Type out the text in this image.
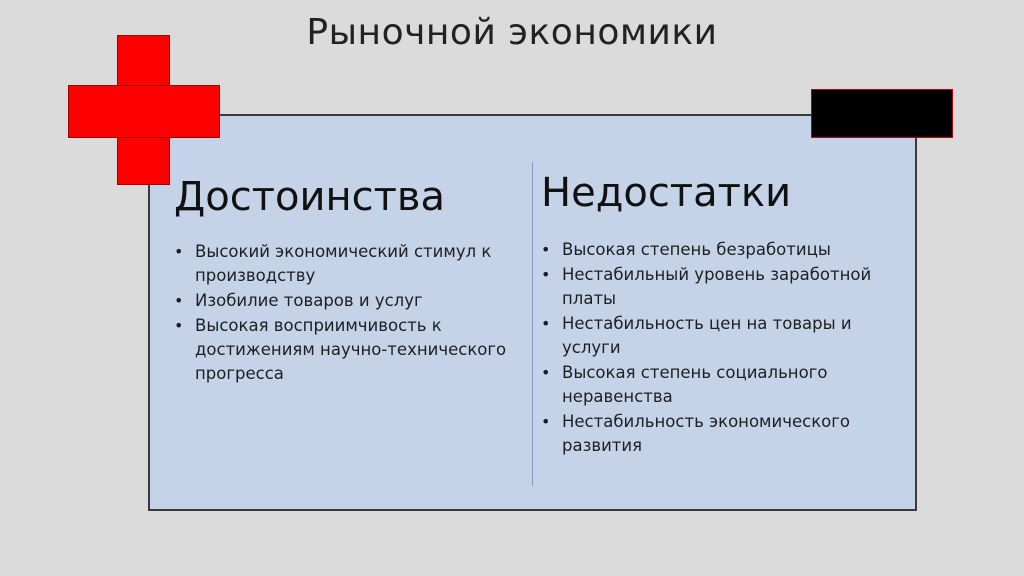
Рыночной экономики
Достоинства
• Высокий экономический стимул к производству
• Изобилие товаров и услуг
• Высокая восприимчивость к достижениям научно-технического прогресса
Недостатки
• Высокая степень безработицы
• Нестабильный уровень заработной платы
• Нестабильность цен на товары и услуги
• Высокая степень социального неравенства
• Нестабильность экономического развития
